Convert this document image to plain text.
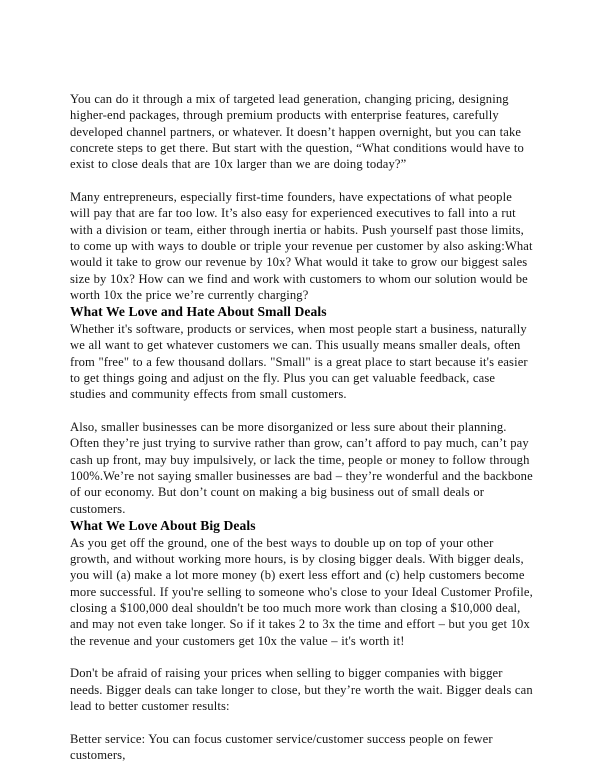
You can do it through a mix of targeted lead generation, changing pricing, designing higher-end packages, through premium products with enterprise features, carefully developed channel partners, or whatever. It doesn’t happen overnight, but you can take concrete steps to get there. But start with the question, “What conditions would have to exist to close deals that are 10x larger than we are doing today?”

Many entrepreneurs, especially first-time founders, have expectations of what people will pay that are far too low. It’s also easy for experienced executives to fall into a rut with a division or team, either through inertia or habits. Push yourself past those limits, to come up with ways to double or triple your revenue per customer by also asking:What would it take to grow our revenue by 10x? What would it take to grow our biggest sales size by 10x? How can we find and work with customers to whom our solution would be worth 10x the price we’re currently charging?

What We Love and Hate About Small Deals

Whether it's software, products or services, when most people start a business, naturally we all want to get whatever customers we can. This usually means smaller deals, often from "free" to a few thousand dollars. "Small" is a great place to start because it's easier to get things going and adjust on the fly. Plus you can get valuable feedback, case studies and community effects from small customers.

Also, smaller businesses can be more disorganized or less sure about their planning. Often they’re just trying to survive rather than grow, can’t afford to pay much, can’t pay cash up front, may buy impulsively, or lack the time, people or money to follow through 100%.We’re not saying smaller businesses are bad – they’re wonderful and the backbone of our economy. But don’t count on making a big business out of small deals or customers.

What We Love About Big Deals

As you get off the ground, one of the best ways to double up on top of your other growth, and without working more hours, is by closing bigger deals. With bigger deals, you will (a) make a lot more money (b) exert less effort and (c) help customers become more successful. If you're selling to someone who's close to your Ideal Customer Profile, closing a $100,000 deal shouldn't be too much more work than closing a $10,000 deal, and may not even take longer. So if it takes 2 to 3x the time and effort – but you get 10x the revenue and your customers get 10x the value – it's worth it!

Don't be afraid of raising your prices when selling to bigger companies with bigger needs. Bigger deals can take longer to close, but they’re worth the wait. Bigger deals can lead to better customer results:

Better service: You can focus customer service/customer success people on fewer customers,
